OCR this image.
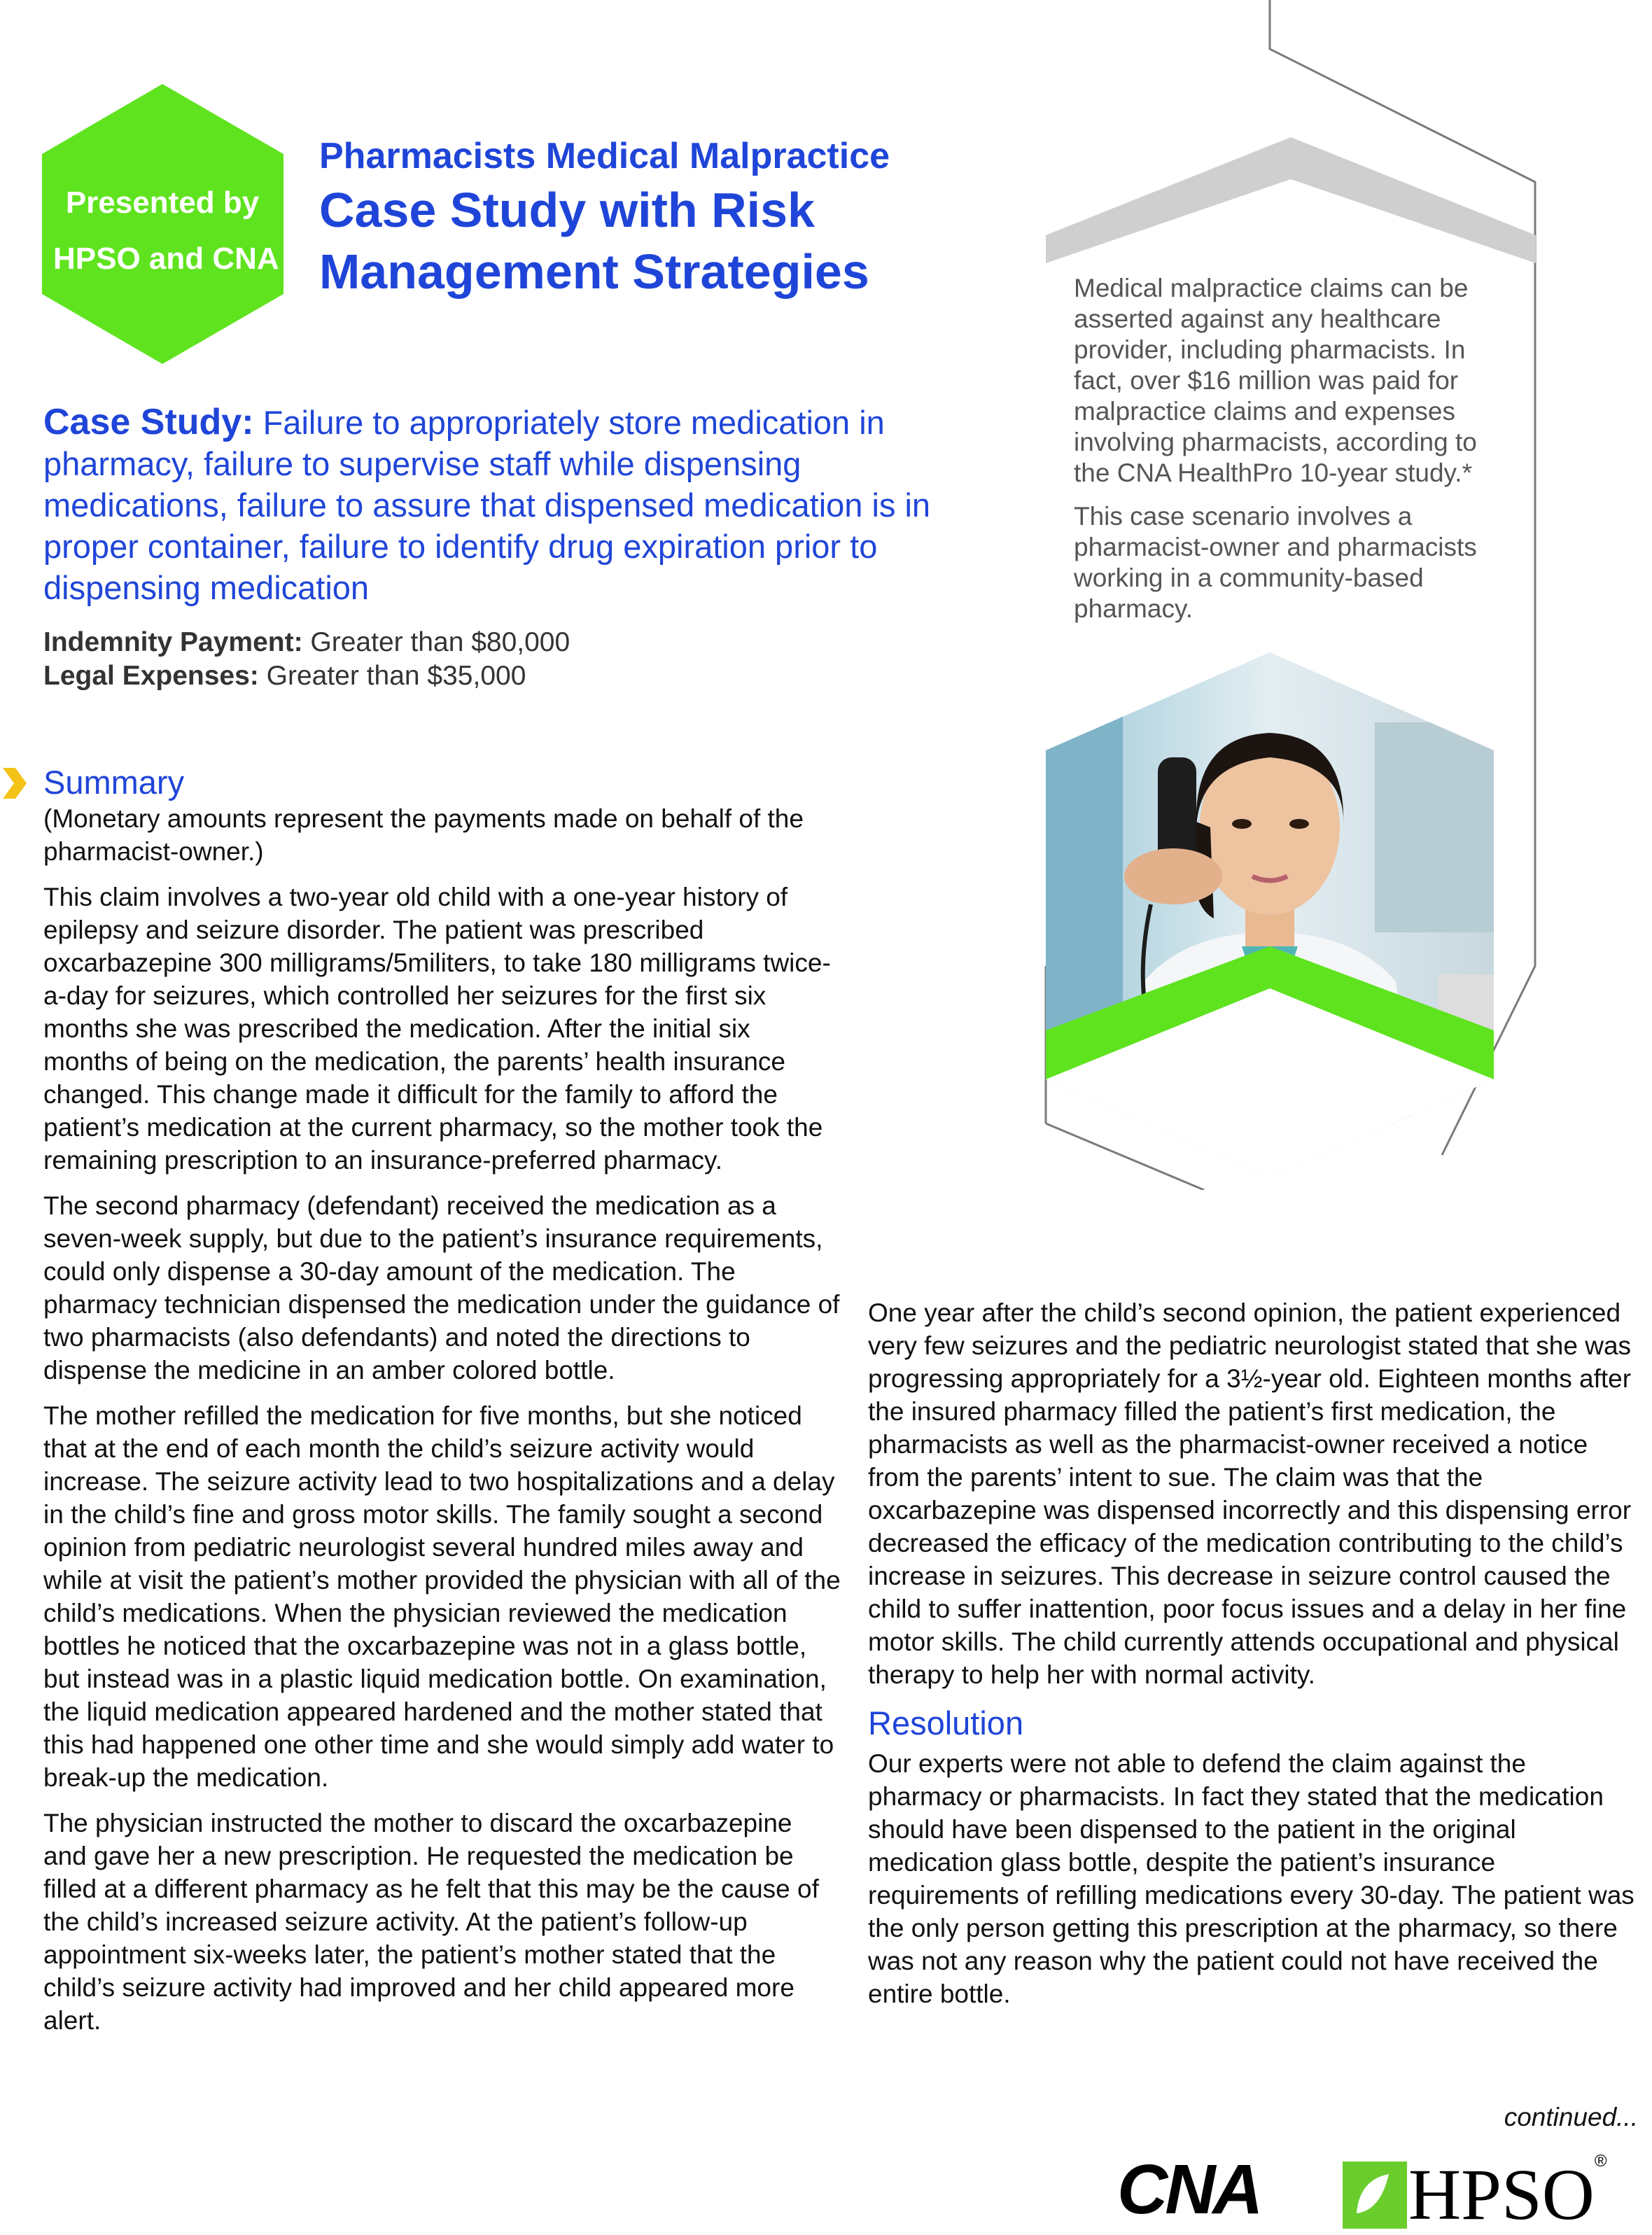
Presented by
HPSO and CNA
Pharmacists Medical Malpractice
Case Study with Risk
Management Strategies	Medical malpractice claims can be asserted against any healthcare provider, including pharmacists. In fact, over $16 million was paid for malpractice claims and expenses involving pharmacists, according to the CNA HealthPro 10-year study.*

This case scenario involves a pharmacist-owner and pharmacists working in a community-based pharmacy.

Case Study: Failure to appropriately store medication in pharmacy, failure to supervise staff while dispensing medications, failure to assure that dispensed medication is in proper container, failure to identify drug expiration prior to dispensing medication
Indemnity Payment: Greater than $80,000
Legal Expenses: Greater than $35,000
Summary

(Monetary amounts represent the payments made on behalf of the pharmacist-owner.)

This claim involves a two-year old child with a one-year history of epilepsy and seizure disorder. The patient was prescribed oxcarbazepine 300 milligrams/5militers, to take 180 milligrams twice-a-day for seizures, which controlled her seizures for the first six months she was prescribed the medication. After the initial six months of being on the medication, the parents’ health insurance changed. This change made it difficult for the family to afford the patient’s medication at the current pharmacy, so the mother took the remaining prescription to an insurance-preferred pharmacy.

The second pharmacy (defendant) received the medication as a seven-week supply, but due to the patient’s insurance requirements, could only dispense a 30-day amount of the medication. The pharmacy technician dispensed the medication under the guidance of two pharmacists (also defendants) and noted the directions to dispense the medicine in an amber colored bottle.

The mother refilled the medication for five months, but she noticed that at the end of each month the child’s seizure activity would increase. The seizure activity lead to two hospitalizations and a delay in the child’s fine and gross motor skills. The family sought a second opinion from pediatric neurologist several hundred miles away and while at visit the patient’s mother provided the physician with all of the child’s medications. When the physician reviewed the medication bottles he noticed that the oxcarbazepine was not in a glass bottle, but instead was in a plastic liquid medication bottle. On examination, the liquid medication appeared hardened and the mother stated that this had happened one other time and she would simply add water to break-up the medication.

The physician instructed the mother to discard the oxcarbazepine and gave her a new prescription. He requested the medication be filled at a different pharmacy as he felt that this may be the cause of the child’s increased seizure activity. At the patient’s follow-up appointment six-weeks later, the patient’s mother stated that the child’s seizure activity had improved and her child appeared more alert.

One year after the child’s second opinion, the patient experienced very few seizures and the pediatric neurologist stated that she was progressing appropriately for a 3½-year old. Eighteen months after the insured pharmacy filled the patient’s first medication, the pharmacists as well as the pharmacist-owner received a notice from the parents’ intent to sue. The claim was that the oxcarbazepine was dispensed incorrectly and this dispensing error decreased the efficacy of the medication contributing to the child’s increase in seizures. This decrease in seizure control caused the child to suffer inattention, poor focus issues and a delay in her fine motor skills. The child currently attends occupational and physical therapy to help her with normal activity.

Resolution

Our experts were not able to defend the claim against the pharmacy or pharmacists. In fact they stated that the medication should have been dispensed to the patient in the original medication glass bottle, despite the patient’s insurance requirements of refilling medications every 30-day. The patient was the only person getting this prescription at the pharmacy, so there was not any reason why the patient could not have received the entire bottle.

continued...
CNA HPSO ®
